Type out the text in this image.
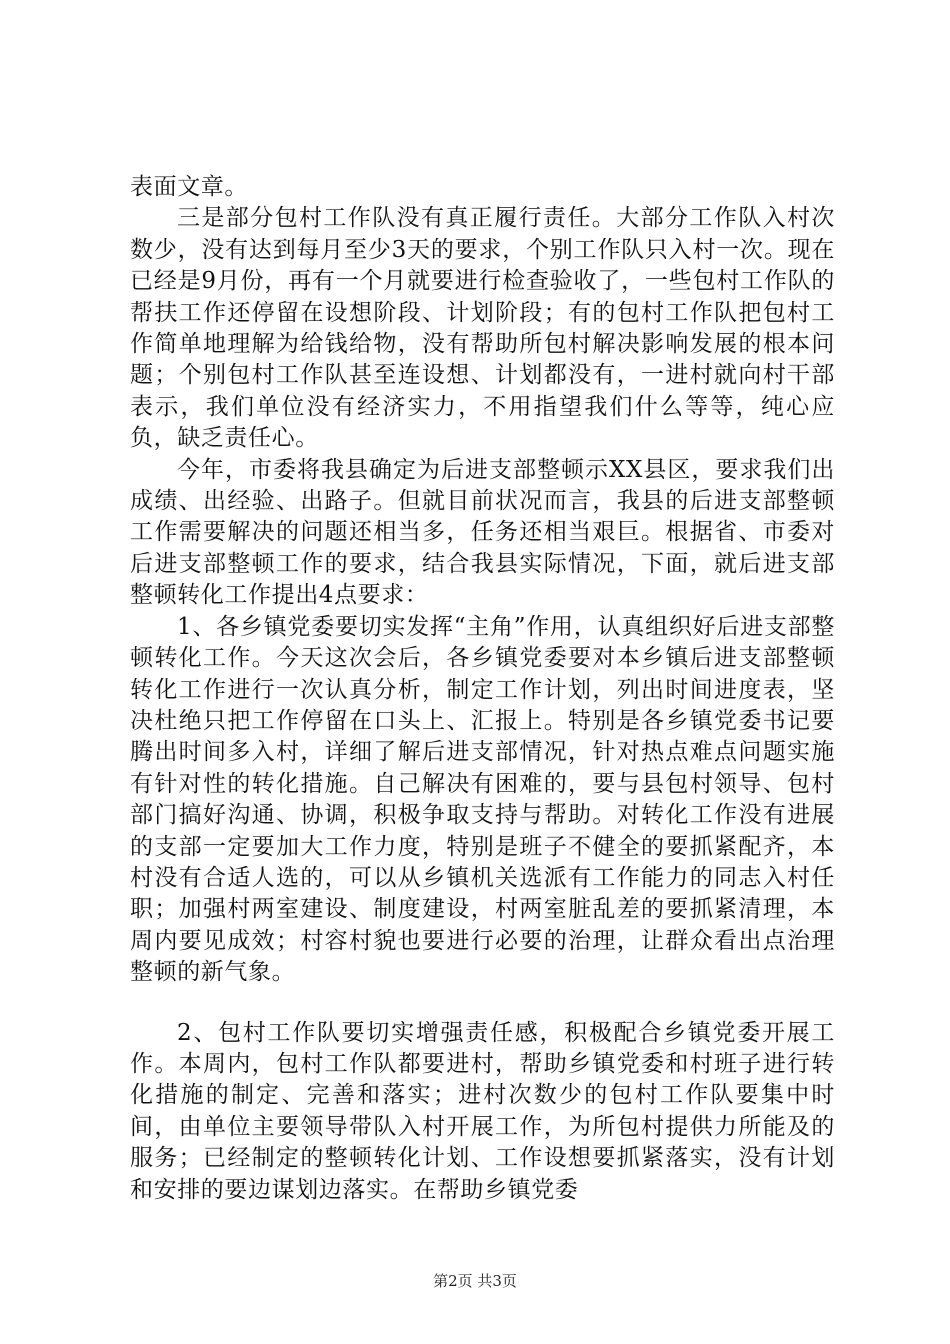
表面文章。

三是部分包村工作队没有真正履行责任。大部分工作队入村次数少，没有达到每月至少3天的要求，个别工作队只入村一次。现在已经是9月份，再有一个月就要进行检查验收了，一些包村工作队的帮扶工作还停留在设想阶段、计划阶段；有的包村工作队把包村工作简单地理解为给钱给物，没有帮助所包村解决影响发展的根本问题；个别包村工作队甚至连设想、计划都没有，一进村就向村干部表示，我们单位没有经济实力，不用指望我们什么等等，纯心应负，缺乏责任心。

今年，市委将我县确定为后进支部整顿示XX县区，要求我们出成绩、出经验、出路子。但就目前状况而言，我县的后进支部整顿工作需要解决的问题还相当多，任务还相当艰巨。根据省、市委对后进支部整顿工作的要求，结合我县实际情况，下面，就后进支部整顿转化工作提出4点要求：

1、各乡镇党委要切实发挥“主角”作用，认真组织好后进支部整顿转化工作。今天这次会后，各乡镇党委要对本乡镇后进支部整顿转化工作进行一次认真分析，制定工作计划，列出时间进度表，坚决杜绝只把工作停留在口头上、汇报上。特别是各乡镇党委书记要腾出时间多入村，详细了解后进支部情况，针对热点难点问题实施有针对性的转化措施。自己解决有困难的，要与县包村领导、包村部门搞好沟通、协调，积极争取支持与帮助。对转化工作没有进展的支部一定要加大工作力度，特别是班子不健全的要抓紧配齐，本村没有合适人选的，可以从乡镇机关选派有工作能力的同志入村任职；加强村两室建设、制度建设，村两室脏乱差的要抓紧清理，本周内要见成效；村容村貌也要进行必要的治理，让群众看出点治理整顿的新气象。

2、包村工作队要切实增强责任感，积极配合乡镇党委开展工作。本周内，包村工作队都要进村，帮助乡镇党委和村班子进行转化措施的制定、完善和落实；进村次数少的包村工作队要集中时间，由单位主要领导带队入村开展工作，为所包村提供力所能及的服务；已经制定的整顿转化计划、工作设想要抓紧落实，没有计划和安排的要边谋划边落实。在帮助乡镇党委

第2页 共3页
